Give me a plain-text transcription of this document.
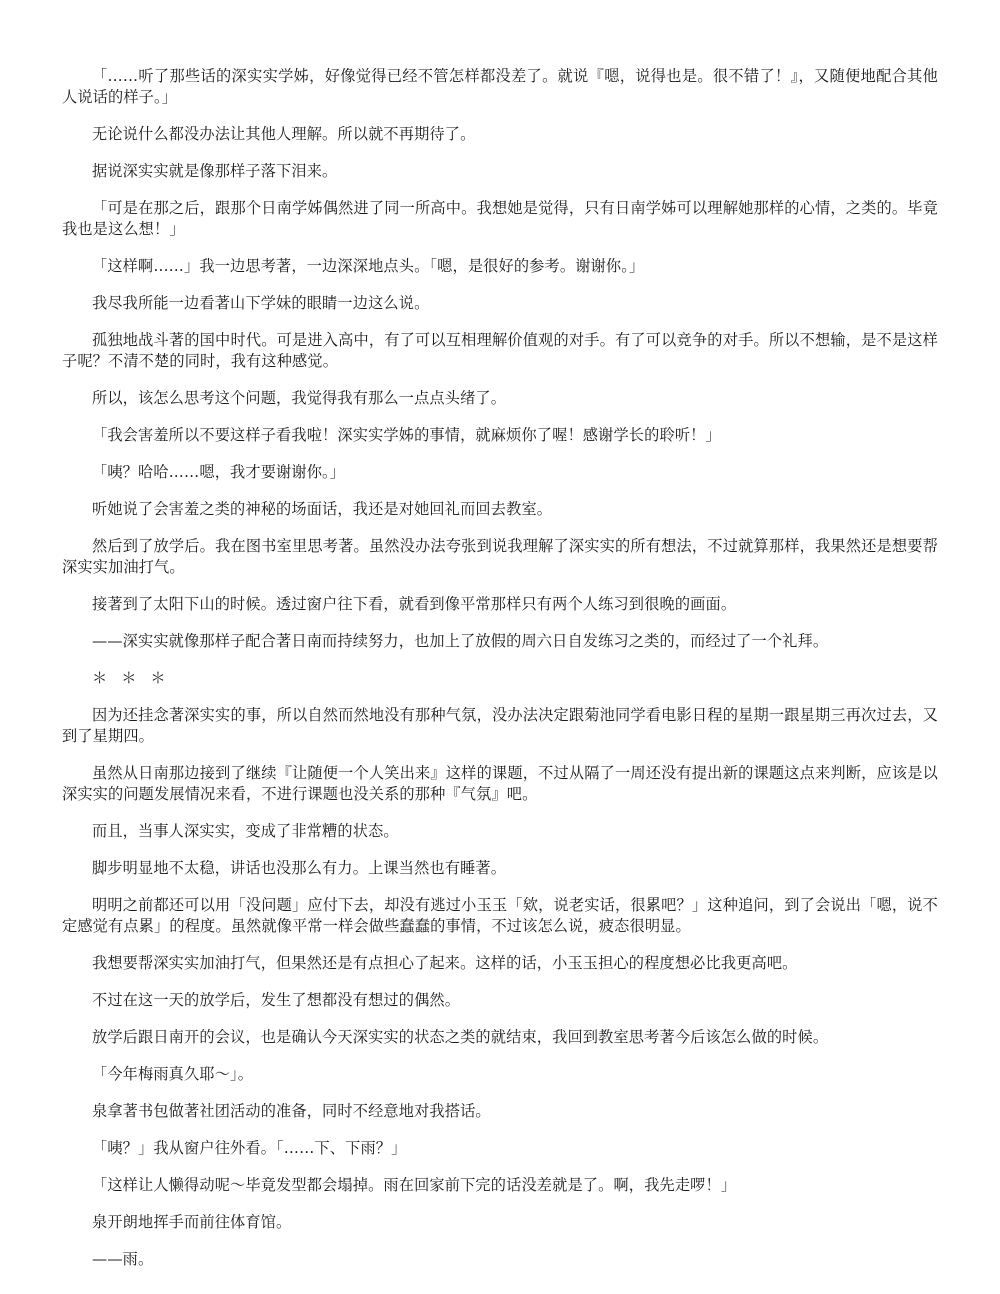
「……听了那些话的深实实学姊，好像觉得已经不管怎样都没差了。就说『嗯，说得也是。很不错了！』，又随便地配合其他人说话的样子。」

无论说什么都没办法让其他人理解。所以就不再期待了。

据说深实实就是像那样子落下泪来。

「可是在那之后，跟那个日南学姊偶然进了同一所高中。我想她是觉得，只有日南学姊可以理解她那样的心情，之类的。毕竟我也是这么想！」

「这样啊……」我一边思考著，一边深深地点头。「嗯，是很好的参考。谢谢你。」

我尽我所能一边看著山下学妹的眼睛一边这么说。

孤独地战斗著的国中时代。可是进入高中，有了可以互相理解价值观的对手。有了可以竞争的对手。所以不想输，是不是这样子呢？不清不楚的同时，我有这种感觉。

所以，该怎么思考这个问题，我觉得我有那么一点点头绪了。

「我会害羞所以不要这样子看我啦！深实实学姊的事情，就麻烦你了喔！感谢学长的聆听！」

「咦？哈哈……嗯，我才要谢谢你。」

听她说了会害羞之类的神秘的场面话，我还是对她回礼而回去教室。

然后到了放学后。我在图书室里思考著。虽然没办法夸张到说我理解了深实实的所有想法，不过就算那样，我果然还是想要帮深实实加油打气。

接著到了太阳下山的时候。透过窗户往下看，就看到像平常那样只有两个人练习到很晚的画面。

——深实实就像那样子配合著日南而持续努力，也加上了放假的周六日自发练习之类的，而经过了一个礼拜。

＊＊＊

因为还挂念著深实实的事，所以自然而然地没有那种气氛，没办法决定跟菊池同学看电影日程的星期一跟星期三再次过去，又到了星期四。

虽然从日南那边接到了继续『让随便一个人笑出来』这样的课题，不过从隔了一周还没有提出新的课题这点来判断，应该是以深实实的问题发展情况来看，不进行课题也没关系的那种『气氛』吧。

而且，当事人深实实，变成了非常糟的状态。

脚步明显地不太稳，讲话也没那么有力。上课当然也有睡著。

明明之前都还可以用「没问题」应付下去，却没有逃过小玉玉「欸，说老实话，很累吧？」这种追问，到了会说出「嗯，说不定感觉有点累」的程度。虽然就像平常一样会做些蠢蠢的事情，不过该怎么说，疲态很明显。

我想要帮深实实加油打气，但果然还是有点担心了起来。这样的话，小玉玉担心的程度想必比我更高吧。

不过在这一天的放学后，发生了想都没有想过的偶然。

放学后跟日南开的会议，也是确认今天深实实的状态之类的就结束，我回到教室思考著今后该怎么做的时候。

「今年梅雨真久耶～」。

泉拿著书包做著社团活动的准备，同时不经意地对我搭话。

「咦？」我从窗户往外看。「……下、下雨？」

「这样让人懒得动呢～毕竟发型都会塌掉。雨在回家前下完的话没差就是了。啊，我先走啰！」

泉开朗地挥手而前往体育馆。

——雨。
